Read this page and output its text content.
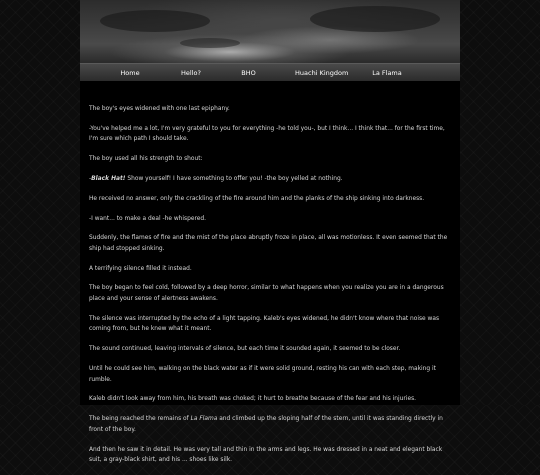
Home	Hello?	BHO	Huachi Kingdom	La Flama

The boy's eyes widened with one last epiphany.

-You've helped me a lot, I'm very grateful to you for everything -he told you-, but I think... I think that... for the first time, I'm sure which path I should take.

The boy used all his strength to shout:

-Black Hat! Show yourself! I have something to offer you! -the boy yelled at nothing.

He received no answer, only the crackling of the fire around him and the planks of the ship sinking into darkness.

-I want... to make a deal -he whispered.

Suddenly, the flames of fire and the mist of the place abruptly froze in place, all was motionless. It even seemed that the ship had stopped sinking.

A terrifying silence filled it instead.

The boy began to feel cold, followed by a deep horror, similar to what happens when you realize you are in a dangerous place and your sense of alertness awakens.

The silence was interrupted by the echo of a light tapping. Kaleb's eyes widened, he didn't know where that noise was coming from, but he knew what it meant.

The sound continued, leaving intervals of silence, but each time it sounded again, it seemed to be closer.

Until he could see him, walking on the black water as if it were solid ground, resting his can with each step, making it rumble.

Kaleb didn't look away from him, his breath was choked; it hurt to breathe because of the fear and his injuries.

The being reached the remains of La Flama and climbed up the sloping half of the stern, until it was standing directly in front of the boy.

And then he saw it in detail. He was very tall and thin in the arms and legs. He was dressed in a neat and elegant black suit, a gray-black shirt, and his ... shoes like silk.
